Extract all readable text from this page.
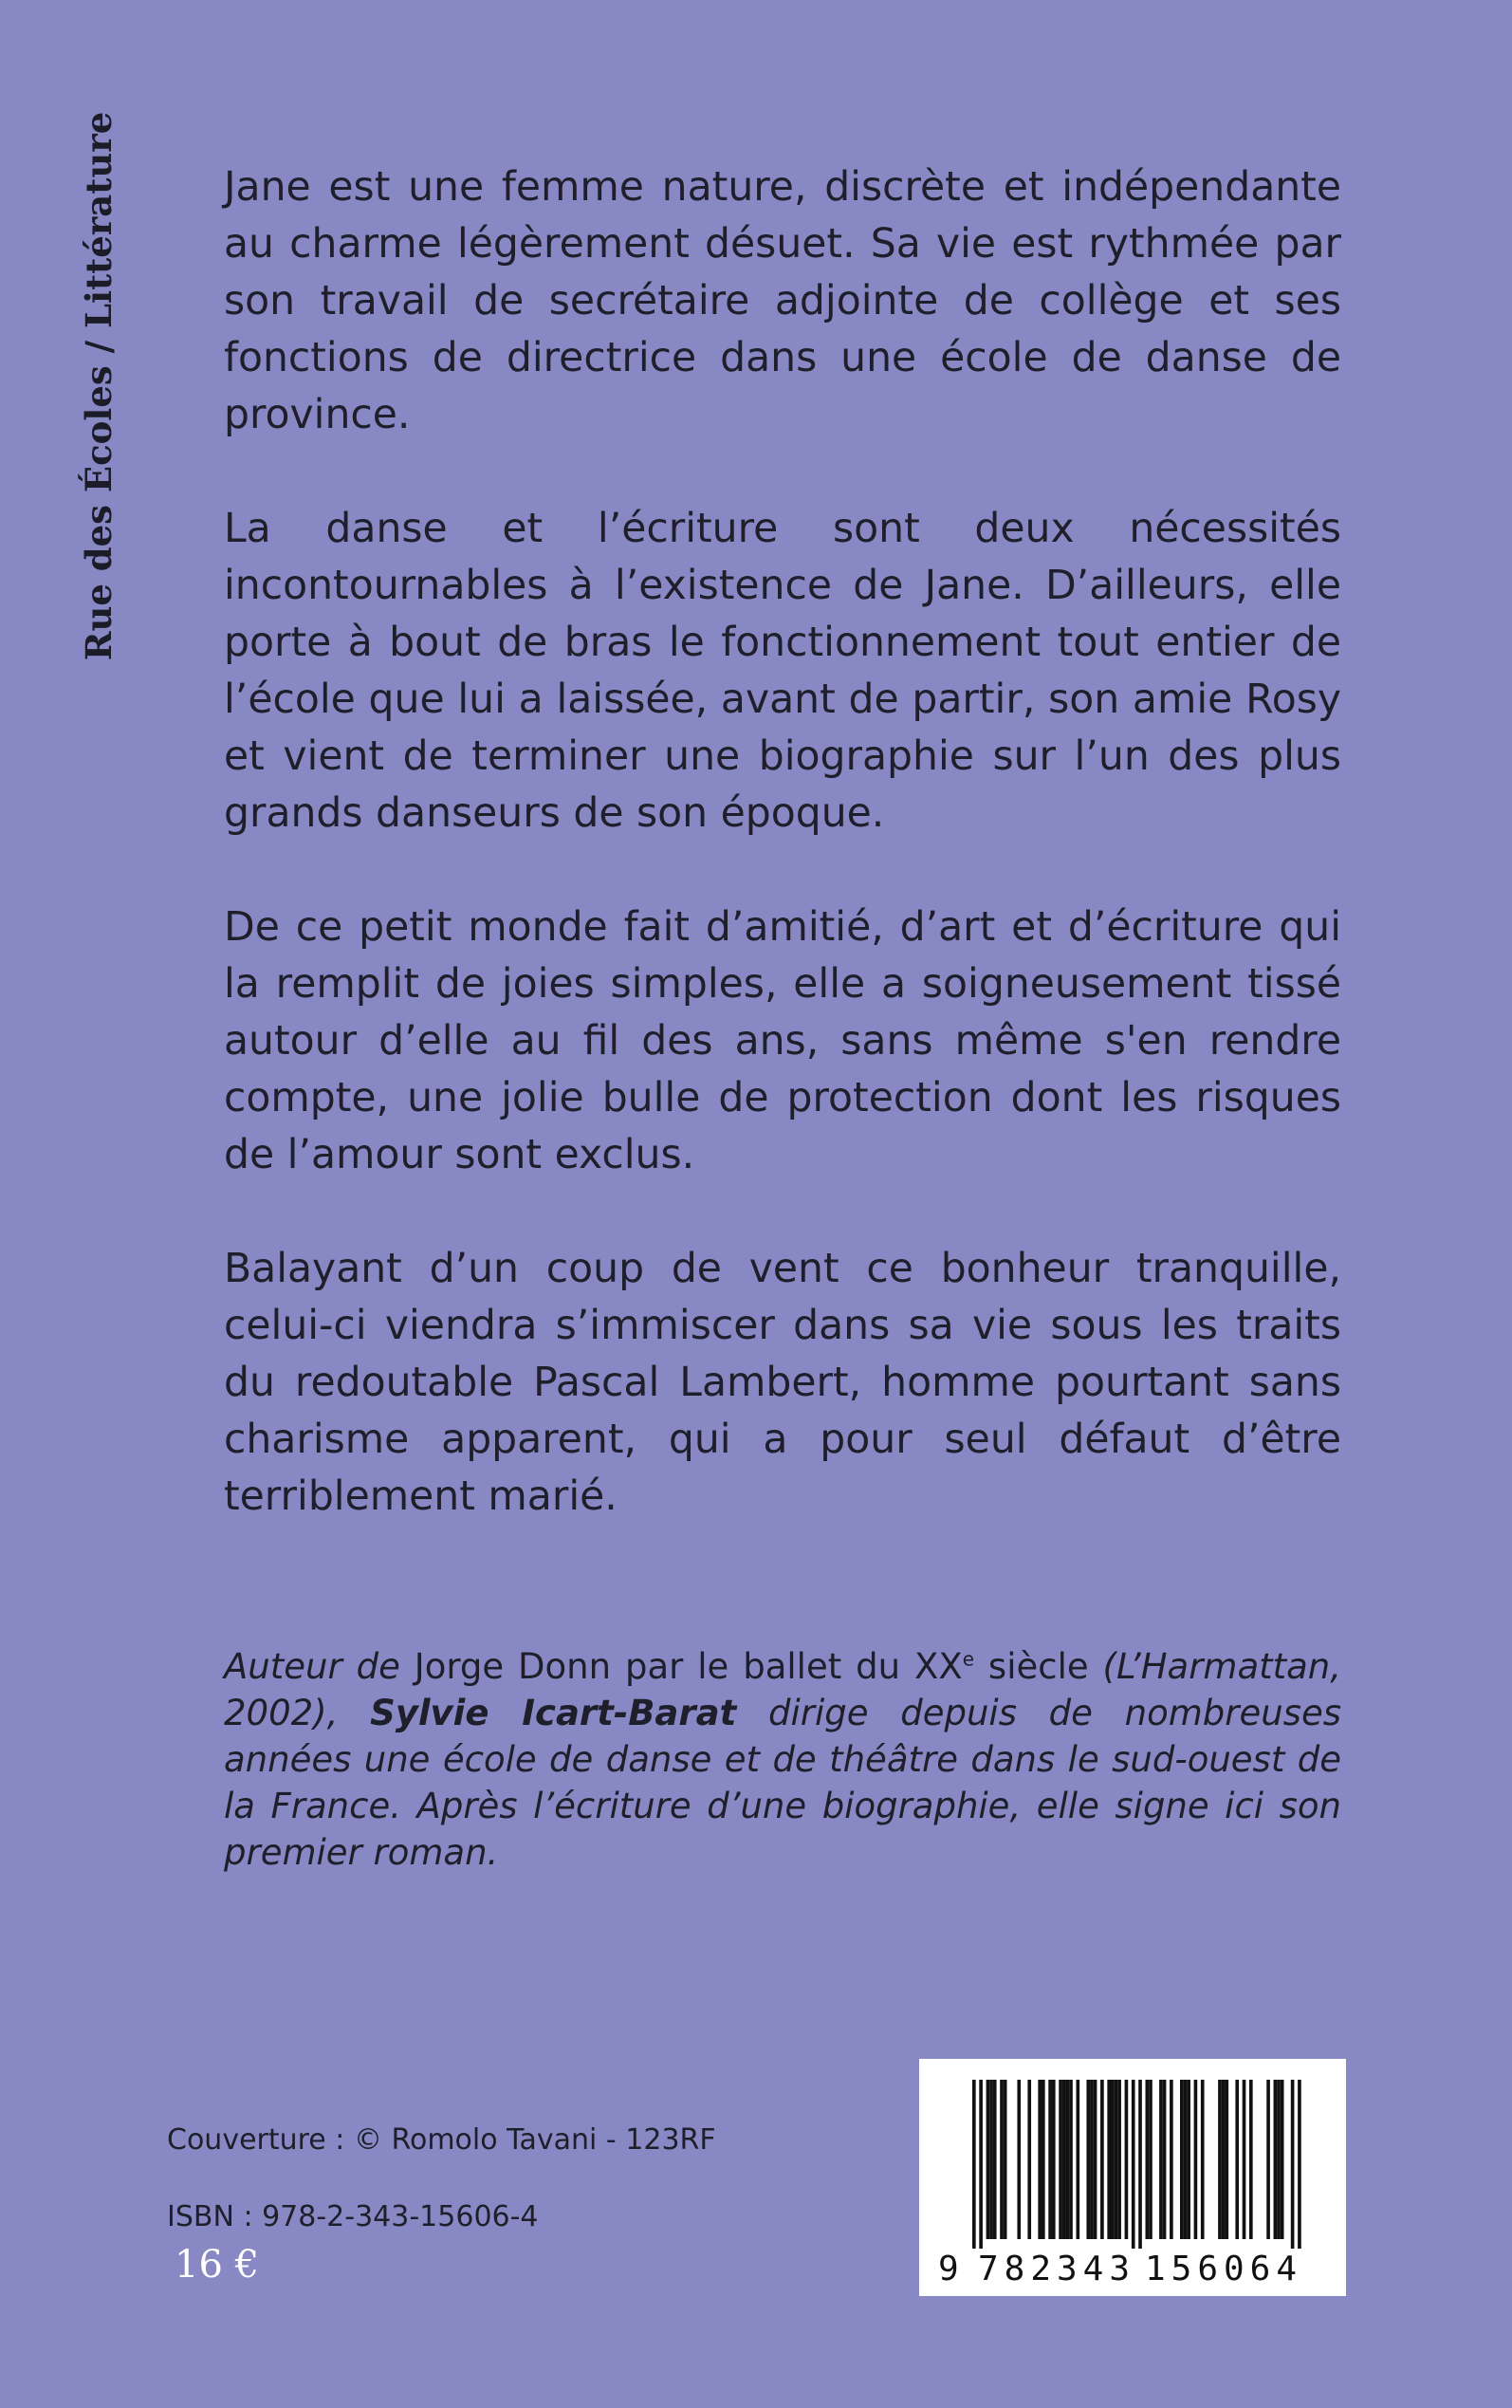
Rue des Écoles / Littérature	Jane est une femme nature, discrète et indépendante au charme légèrement désuet. Sa vie est rythmée par son travail de secrétaire adjointe de collège et ses fonctions de directrice dans une école de danse de province.

La danse et l’écriture sont deux nécessités incontournables à l’existence de Jane. D’ailleurs, elle porte à bout de bras le fonctionnement tout entier de l’école que lui a laissée, avant de partir, son amie Rosy et vient de terminer une biographie sur l’un des plus grands danseurs de son époque.

De ce petit monde fait d’amitié, d’art et d’écriture qui la remplit de joies simples, elle a soigneusement tissé autour d’elle au fil des ans, sans même s'en rendre compte, une jolie bulle de protection dont les risques de l’amour sont exclus.

Balayant d’un coup de vent ce bonheur tranquille, celui-ci viendra s’immiscer dans sa vie sous les traits du redoutable Pascal Lambert, homme pourtant sans charisme apparent, qui a pour seul défaut d’être terriblement marié.

Auteur de Jorge Donn par le ballet du XXe siècle (L’Harmattan, 2002), Sylvie Icart-Barat dirige depuis de nombreuses années une école de danse et de théâtre dans le sud-ouest de la France. Après l’écriture d’une biographie, elle signe ici son premier roman.
Couverture : © Romolo Tavani - 123RF
ISBN : 978-2-343-15606-4
16 €	9 782343 156064
